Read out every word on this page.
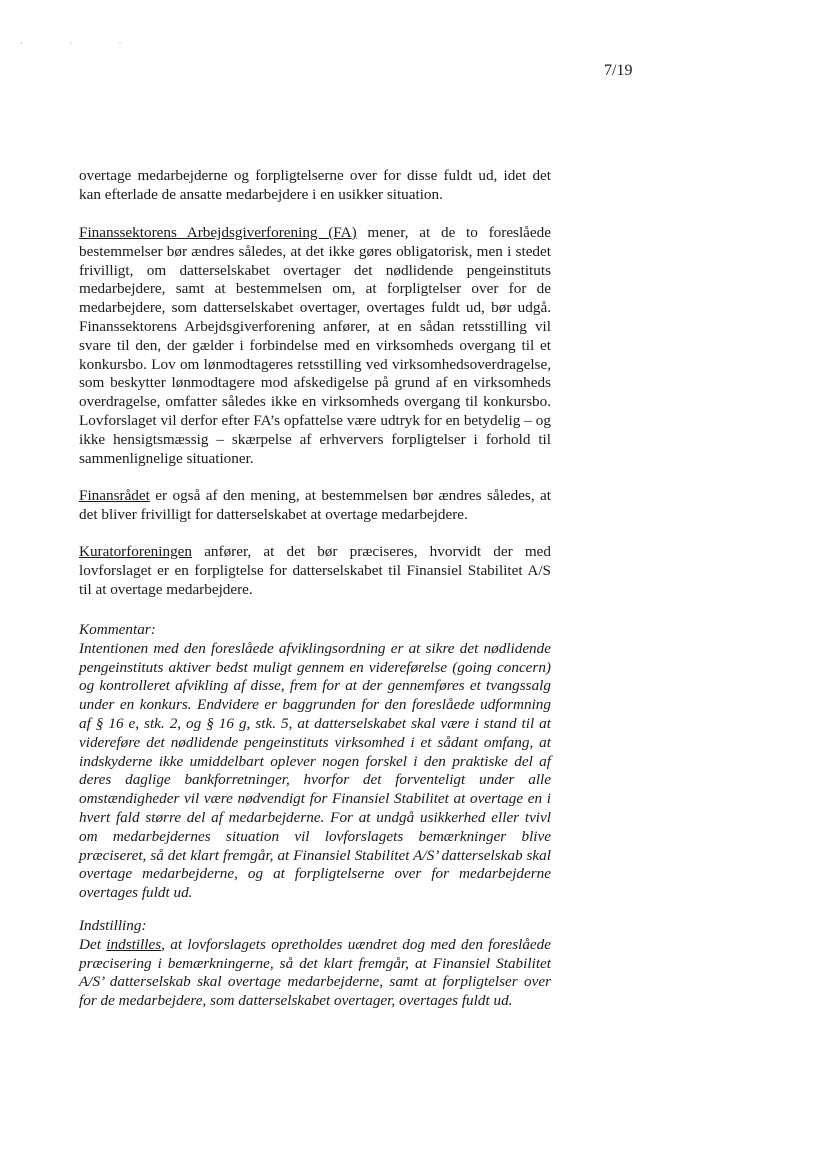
· · ·
7/19

overtage medarbejderne og forpligtelserne over for disse fuldt ud, idet det kan efterlade de ansatte medarbejdere i en usikker situation.

Finanssektorens Arbejdsgiverforening (FA) mener, at de to foreslåede bestemmelser bør ændres således, at det ikke gøres obligatorisk, men i stedet frivilligt, om datterselskabet overtager det nødlidende pengeinstituts medarbejdere, samt at bestemmelsen om, at forpligtelser over for de medarbejdere, som datterselskabet overtager, overtages fuldt ud, bør udgå. Finanssektorens Arbejdsgiverforening anfører, at en sådan retsstilling vil svare til den, der gælder i forbindelse med en virksomheds overgang til et konkursbo. Lov om lønmodtageres retsstilling ved virksomhedsoverdragelse, som beskytter lønmodtagere mod afskedigelse på grund af en virksomheds overdragelse, omfatter således ikke en virksomheds overgang til konkursbo. Lovforslaget vil derfor efter FA’s opfattelse være udtryk for en betydelig – og ikke hensigtsmæssig – skærpelse af erhververs forpligtelser i forhold til sammenlignelige situationer.

Finansrådet er også af den mening, at bestemmelsen bør ændres således, at det bliver frivilligt for datterselskabet at overtage medarbejdere.

Kuratorforeningen anfører, at det bør præciseres, hvorvidt der med lovforslaget er en forpligtelse for datterselskabet til Finansiel Stabilitet A/S til at overtage medarbejdere.

Kommentar:
Intentionen med den foreslåede afviklingsordning er at sikre det nødlidende pengeinstituts aktiver bedst muligt gennem en videreførelse (going concern) og kontrolleret afvikling af disse, frem for at der gennemføres et tvangssalg under en konkurs. Endvidere er baggrunden for den foreslåede udformning af § 16 e, stk. 2, og § 16 g, stk. 5, at datterselskabet skal være i stand til at videreføre det nødlidende pengeinstituts virksomhed i et sådant omfang, at indskyderne ikke umiddelbart oplever nogen forskel i den praktiske del af deres daglige bankforretninger, hvorfor det forventeligt under alle omstændigheder vil være nødvendigt for Finansiel Stabilitet at overtage en i hvert fald større del af medarbejderne. For at undgå usikkerhed eller tvivl om medarbejdernes situation vil lovforslagets bemærkninger blive præciseret, så det klart fremgår, at Finansiel Stabilitet A/S’ datterselskab skal overtage medarbejderne, og at forpligtelserne over for medarbejderne overtages fuldt ud.

Indstilling:
Det indstilles, at lovforslagets opretholdes uændret dog med den foreslåede præcisering i bemærkningerne, så det klart fremgår, at Finansiel Stabilitet A/S’ datterselskab skal overtage medarbejderne, samt at forpligtelser over for de medarbejdere, som datterselskabet overtager, overtages fuldt ud.
